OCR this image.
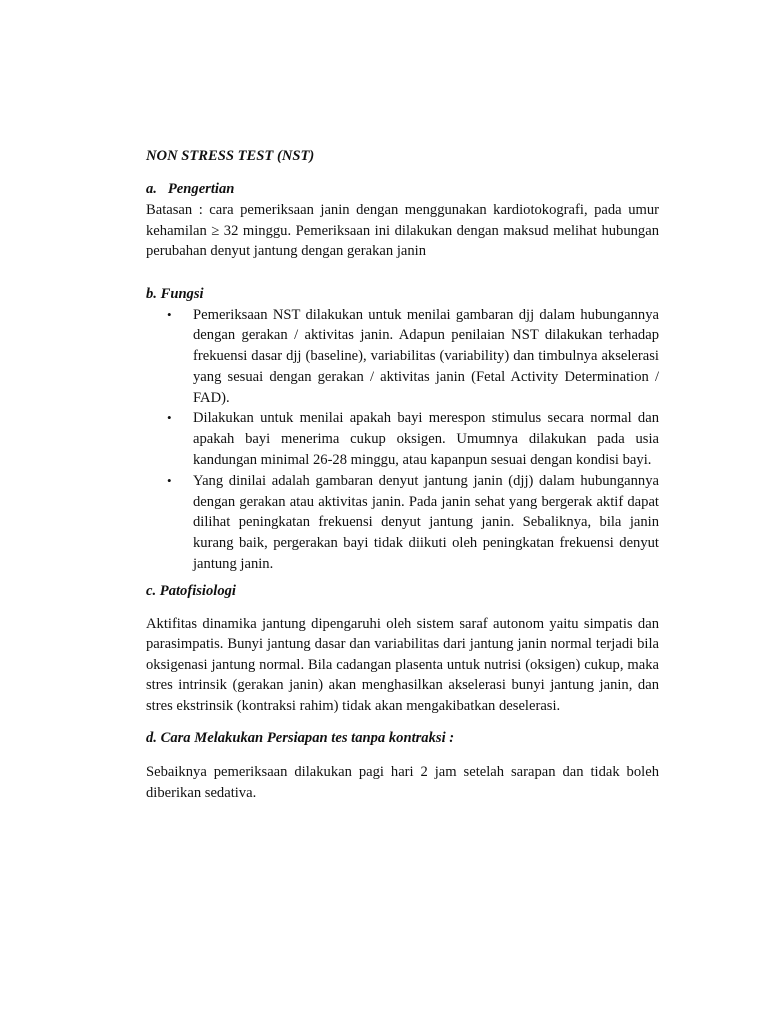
NON STRESS TEST (NST)

a.   Pengertian

Batasan : cara pemeriksaan janin dengan menggunakan kardiotokografi, pada umur kehamilan ≥ 32 minggu. Pemeriksaan ini dilakukan dengan maksud melihat hubungan perubahan denyut jantung dengan gerakan janin

b. Fungsi

• Pemeriksaan NST dilakukan untuk menilai gambaran djj dalam hubungannya dengan gerakan / aktivitas janin. Adapun penilaian NST dilakukan terhadap frekuensi dasar djj (baseline), variabilitas (variability) dan timbulnya akselerasi yang sesuai dengan gerakan / aktivitas janin (Fetal Activity Determination / FAD).
• Dilakukan untuk menilai apakah bayi merespon stimulus secara normal dan apakah bayi menerima cukup oksigen. Umumnya dilakukan pada usia kandungan minimal 26-28 minggu, atau kapanpun sesuai dengan kondisi bayi.
• Yang dinilai adalah gambaran denyut jantung janin (djj) dalam hubungannya dengan gerakan atau aktivitas janin. Pada janin sehat yang bergerak aktif dapat dilihat peningkatan frekuensi denyut jantung janin. Sebaliknya, bila janin kurang baik, pergerakan bayi tidak diikuti oleh peningkatan frekuensi denyut jantung janin.

c. Patofisiologi

Aktifitas dinamika jantung dipengaruhi oleh sistem saraf autonom yaitu simpatis dan parasimpatis. Bunyi jantung dasar dan variabilitas dari jantung janin normal terjadi bila oksigenasi jantung normal. Bila cadangan plasenta untuk nutrisi (oksigen) cukup, maka stres intrinsik (gerakan janin) akan menghasilkan akselerasi bunyi jantung janin, dan stres ekstrinsik (kontraksi rahim) tidak akan mengakibatkan deselerasi.

d. Cara Melakukan Persiapan tes tanpa kontraksi :

Sebaiknya pemeriksaan dilakukan pagi hari 2 jam setelah sarapan dan tidak boleh diberikan sedativa.
